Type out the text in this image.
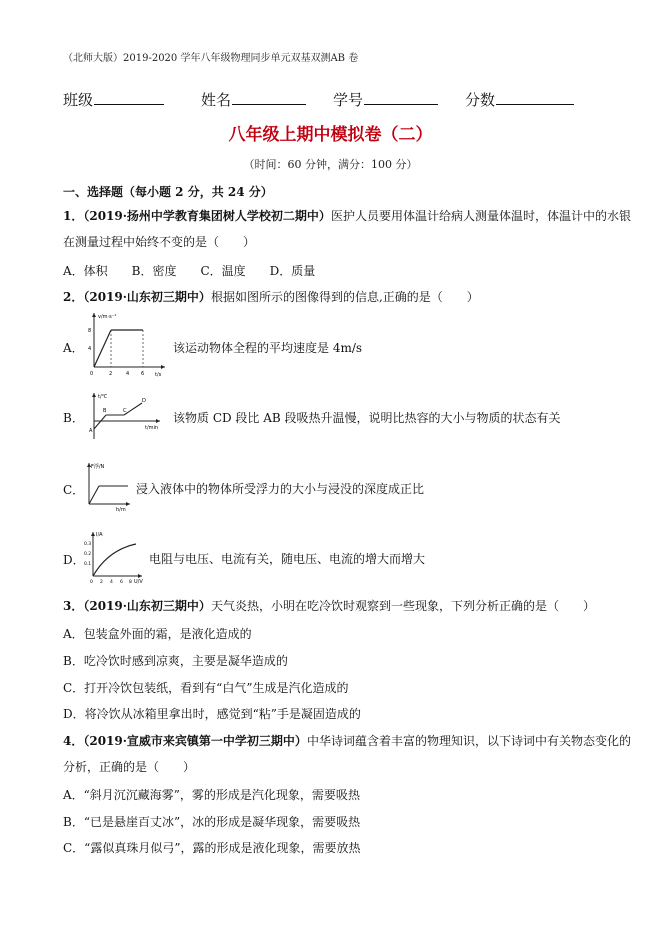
（北师大版）2019-2020 学年八年级物理同步单元双基双测AB 卷
班级	姓名	学号	分数
八年级上期中模拟卷（二）
（时间：60 分钟，满分：100 分）
一、选择题（每小题 2 分，共 24 分）
1．（2019·扬州中学教育集团树人学校初二期中）医护人员要用体温计给病人测量体温时，体温计中的水银
在测量过程中始终不变的是（　　）
A．体积　　B．密度　　C．温度　　D．质量
2．（2019·山东初三期中）根据如图所示的图像得到的信息,正确的是（　　）
A．
v/m·s⁻¹
t/s
8
4
0	2	4 6
该运动物体全程的平均速度是 4m/s
B．
t/℃
t/min
A
B	C
D
该物质 CD 段比 AB 段吸热升温慢，说明比热容的大小与物质的状态有关
C．
F浮/N
h/m
浸入液体中的物体所受浮力的大小与浸没的深度成正比
D．
I/A
U/V
0.3
0.2
0.1
0 2 4 6 8
电阻与电压、电流有关，随电压、电流的增大而增大
3．（2019·山东初三期中）天气炎热，小明在吃冷饮时观察到一些现象，下列分析正确的是（　　）
A．包装盒外面的霜，是液化造成的
B．吃冷饮时感到凉爽，主要是凝华造成的
C．打开冷饮包装纸，看到有“白气”生成是汽化造成的
D．将冷饮从冰箱里拿出时，感觉到“粘”手是凝固造成的
4．（2019·宣威市来宾镇第一中学初三期中）中华诗词蕴含着丰富的物理知识，以下诗词中有关物态变化的
分析，正确的是（　　）
A．“斜月沉沉藏海雾”，雾的形成是汽化现象，需要吸热
B．“已是悬崖百丈冰”，冰的形成是凝华现象，需要吸热
C．“露似真珠月似弓”，露的形成是液化现象，需要放热
